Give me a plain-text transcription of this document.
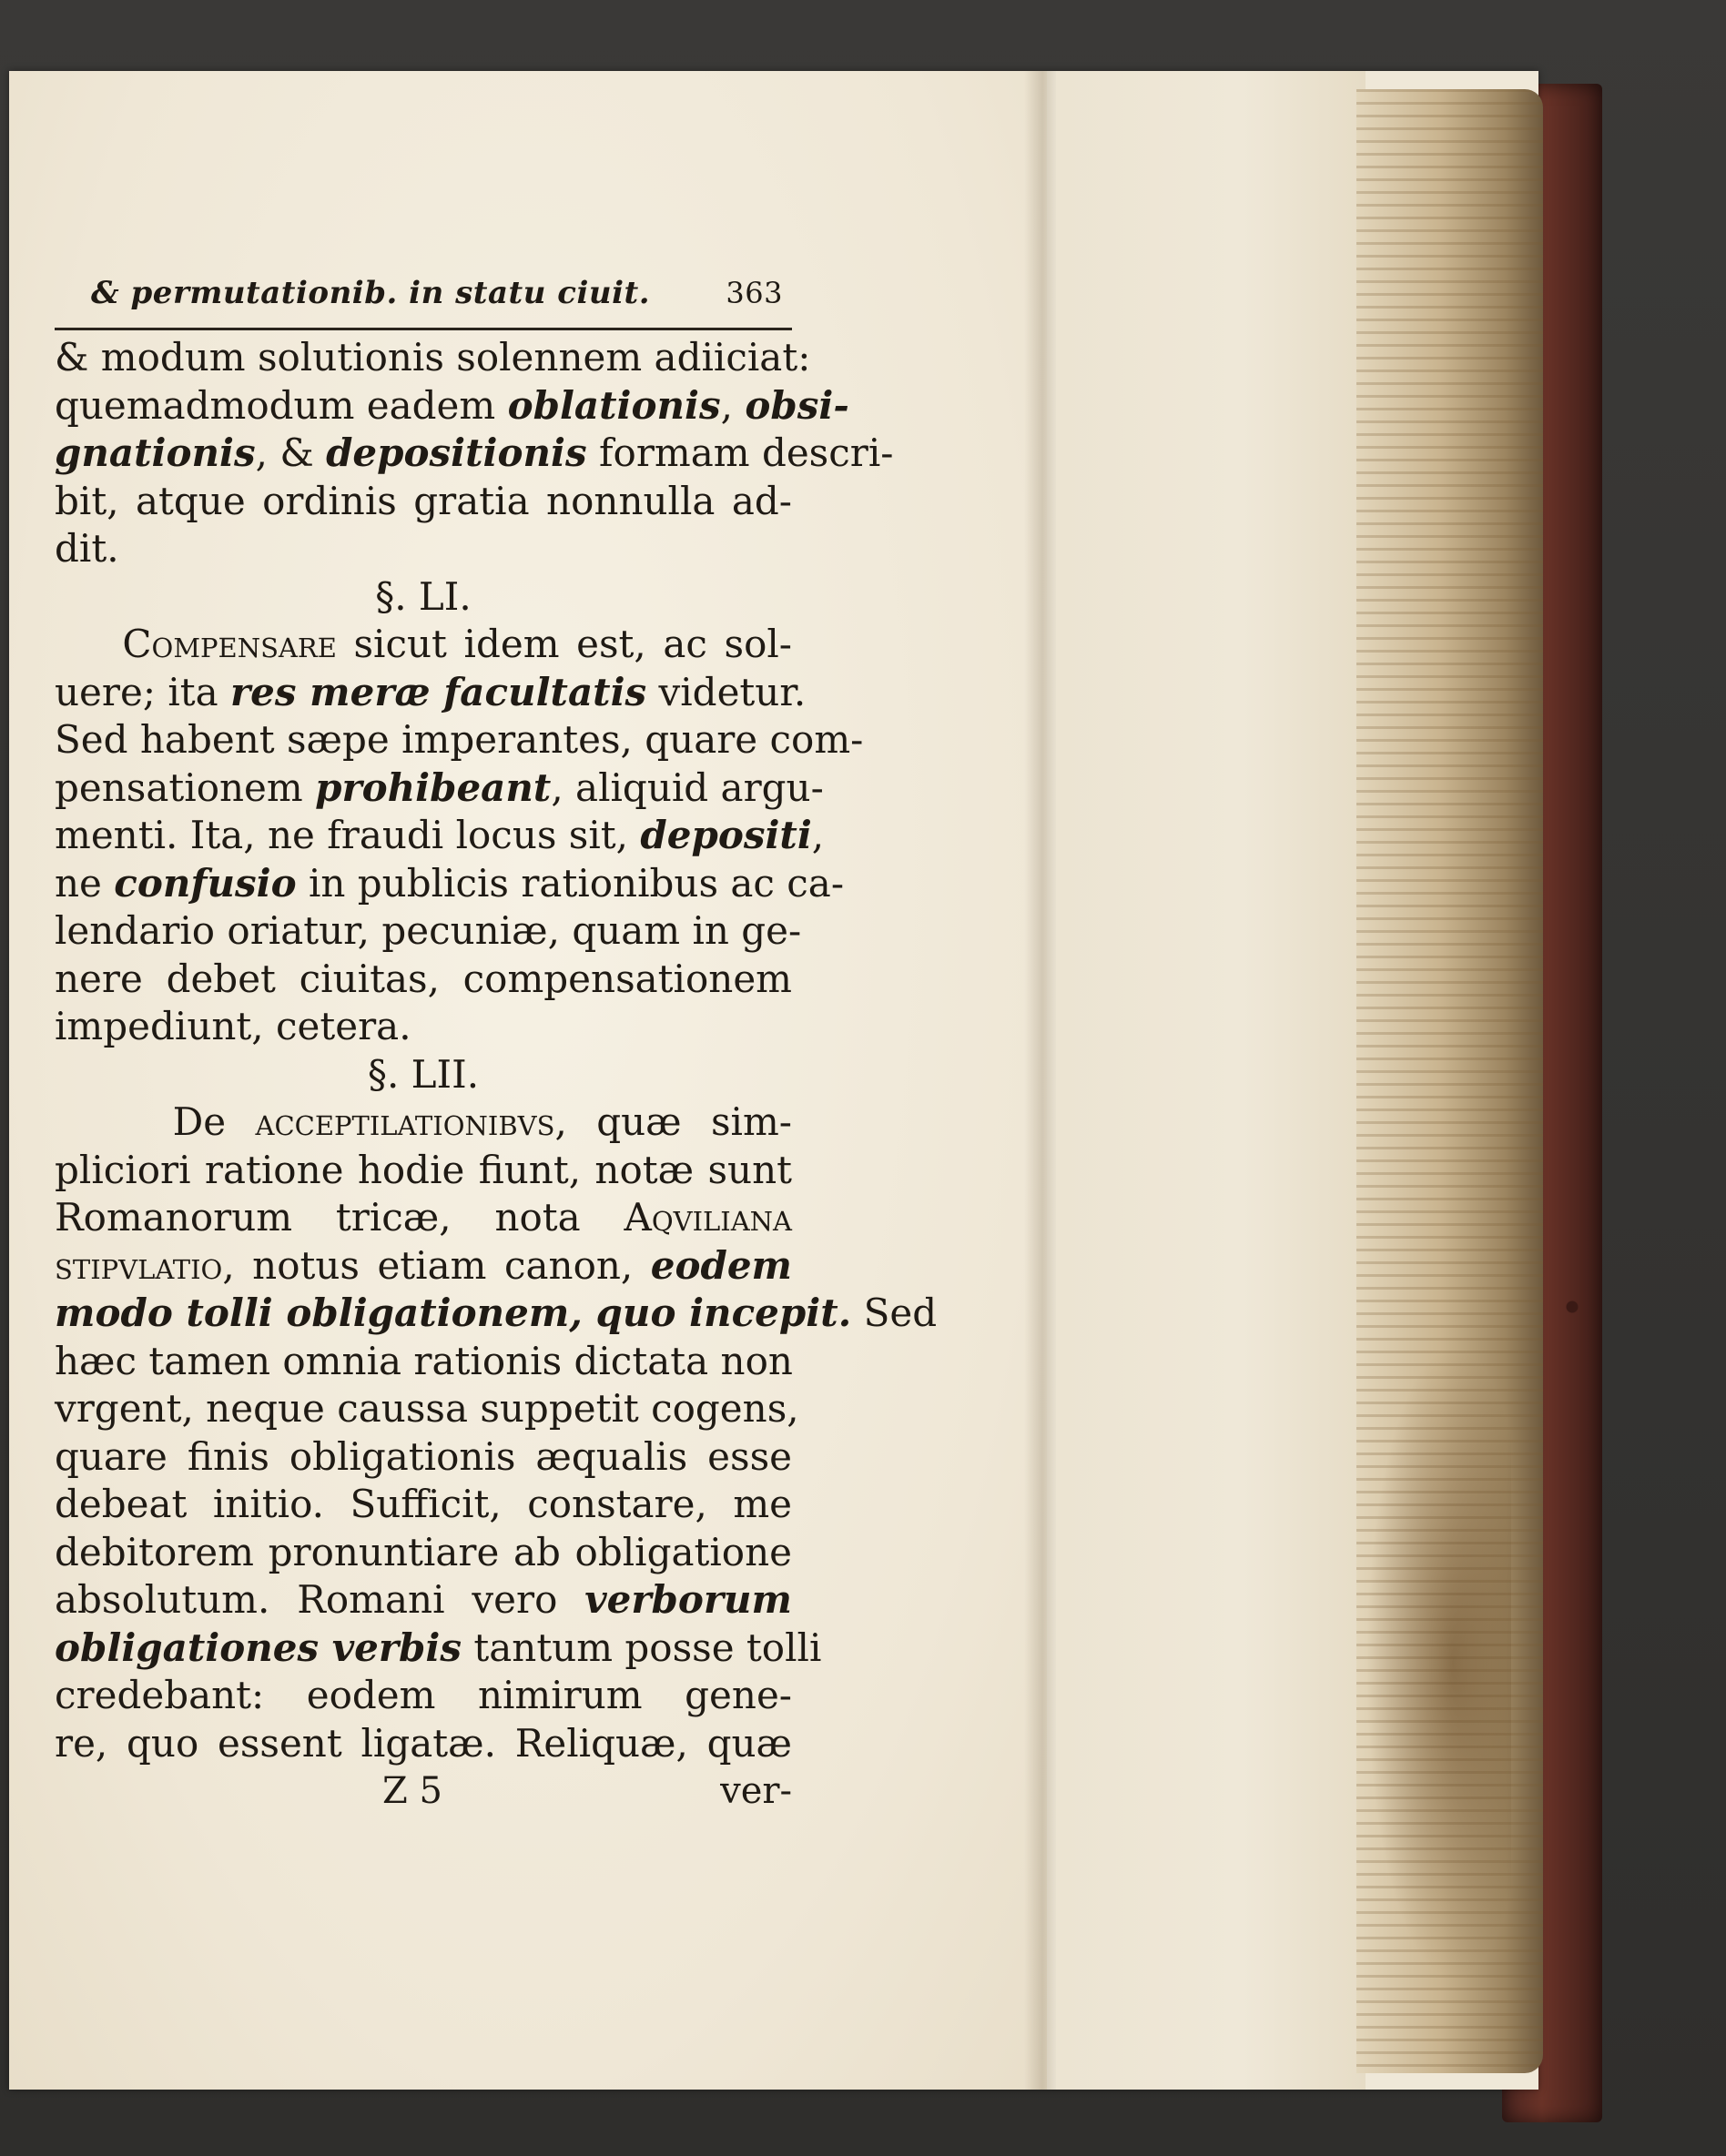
& permutationib. in statu ciuit.	363
& modum solutionis solennem adiiciat:
quemadmodum eadem oblationis, obsi-
gnationis, & depositionis formam descri-
bit, atque ordinis gratia nonnulla ad-
dit.
§. LI.
Compensare sicut idem est, ac sol-
uere; ita res meræ facultatis videtur.
Sed habent sæpe imperantes, quare com-
pensationem prohibeant, aliquid argu-
menti. Ita, ne fraudi locus sit, depositi,
ne confusio in publicis rationibus ac ca-
lendario oriatur, pecuniæ, quam in ge-
nere debet ciuitas, compensationem
impediunt, cetera.
§. LII.
De acceptilationibvs, quæ sim-
pliciori ratione hodie fiunt, notæ sunt
Romanorum tricæ, nota Aqviliana
stipvlatio, notus etiam canon, eodem
modo tolli obligationem, quo incepit. Sed
hæc tamen omnia rationis dictata non
vrgent, neque caussa suppetit cogens,
quare finis obligationis æqualis esse
debeat initio. Sufficit, constare, me
debitorem pronuntiare ab obligatione
absolutum. Romani vero verborum
obligationes verbis tantum posse tolli
credebant: eodem nimirum gene-
re, quo essent ligatæ. Reliquæ, quæ
Z 5	ver-
